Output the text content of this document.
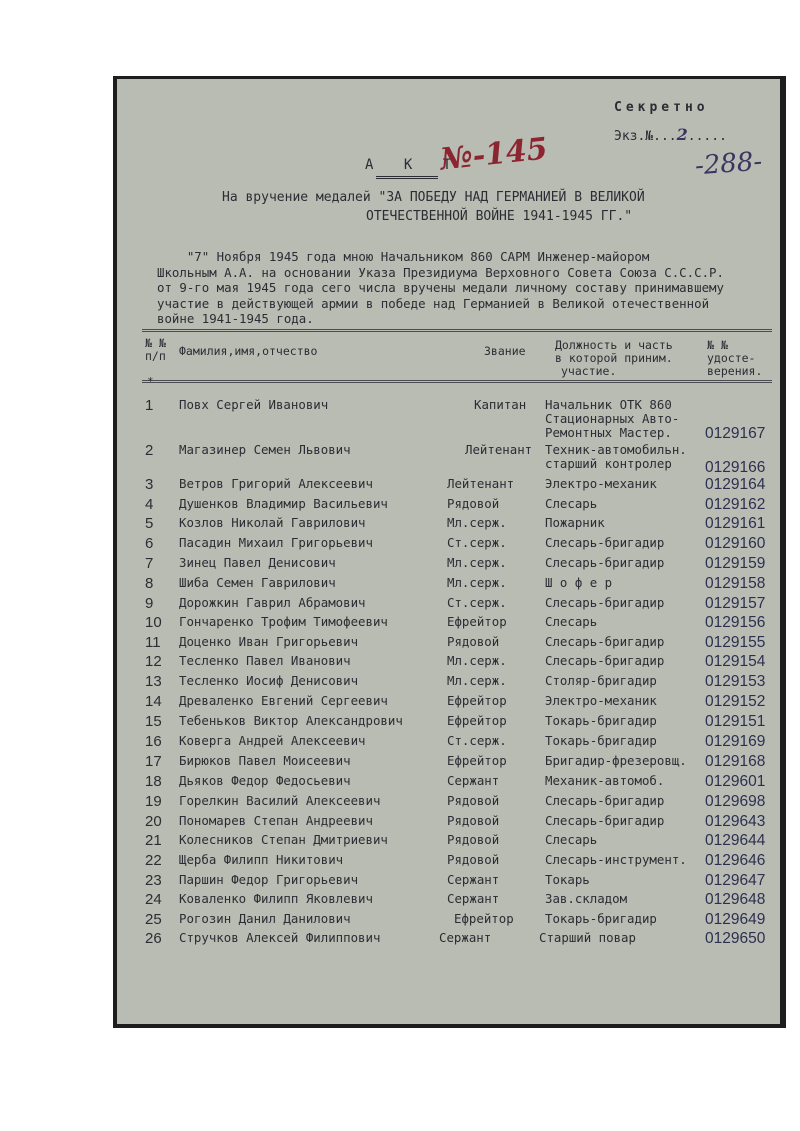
Секретно
Экз.№...2.....
-288-
А К Т
№-145
На вручение медалей "ЗА ПОБЕДУ НАД ГЕРМАНИЕЙ В ВЕЛИКОЙ
ОТЕЧЕСТВЕННОЙ ВОЙНЕ 1941-1945 ГГ."

"7" Ноября 1945 года мною Начальником 860 САРМ Инженер-майором

Школьным А.А. на основании Указа Президиума Верховного Совета Союза С.С.С.Р.

от 9-го мая 1945 года сего числа вручены медали личному составу принимавшему

участие в действующей армии в победе над Германией в Великой отечественной

войне 1941-1945 года.

№ №
п/п Фамилия,имя,отчество	Звание	Должность и часть
в которой приним.
участие.
№ №
удосте-
верения.
*
1 Повх Сергей Иванович	Капитан Начальник ОТК 860
Стационарных Авто-
Ремонтных Мастер. 0129167
2 Магазинер Семен Львович	Лейтенант Техник-автомобильн.
старший контролер 0129166
3 Ветров Григорий Алексеевич	Лейтенант Электро-механик	0129164
4 Душенков Владимир Васильевич	Рядовой	Слесарь	0129162
5 Козлов Николай Гаврилович	Мл.серж.	Пожарник	0129161
6 Пасадин Михаил Григорьевич	Ст.серж.	Слесарь-бригадир	0129160
7 Зинец Павел Денисович	Мл.серж.	Слесарь-бригадир	0129159
8 Шиба Семен Гаврилович	Мл.серж.	Ш о ф е р	0129158
9 Дорожкин Гаврил Абрамович	Ст.серж.	Слесарь-бригадир	0129157
10 Гончаренко Трофим Тимофеевич	Ефрейтор	Слесарь	0129156
11 Доценко Иван Григорьевич	Рядовой	Слесарь-бригадир	0129155
12 Тесленко Павел Иванович	Мл.серж.	Слесарь-бригадир	0129154
13 Тесленко Иосиф Денисович	Мл.серж.	Столяр-бригадир	0129153
14 Древаленко Евгений Сергеевич	Ефрейтор	Электро-механик	0129152
15 Тебеньков Виктор Александрович	Ефрейтор	Токарь-бригадир	0129151
16 Коверга Андрей Алексеевич	Ст.серж.	Токарь-бригадир	0129169
17 Бирюков Павел Моисеевич	Ефрейтор	Бригадир-фрезеровщ. 0129168
18 Дьяков Федор Федосьевич	Сержант	Механик-автомоб.	0129601
19 Горелкин Василий Алексеевич	Рядовой	Слесарь-бригадир	0129698
20 Пономарев Степан Андреевич	Рядовой	Слесарь-бригадир	0129643
21 Колесников Степан Дмитриевич	Рядовой	Слесарь	0129644
22 Щерба Филипп Никитович	Рядовой	Слесарь-инструмент. 0129646
23 Паршин Федор Григорьевич	Сержант	Токарь	0129647
24 Коваленко Филипп Яковлевич	Сержант	Зав.складом	0129648
25 Рогозин Данил Данилович	Ефрейтор	Токарь-бригадир	0129649
26 Стручков Алексей Филиппович	Сержант	Старший повар	0129650
